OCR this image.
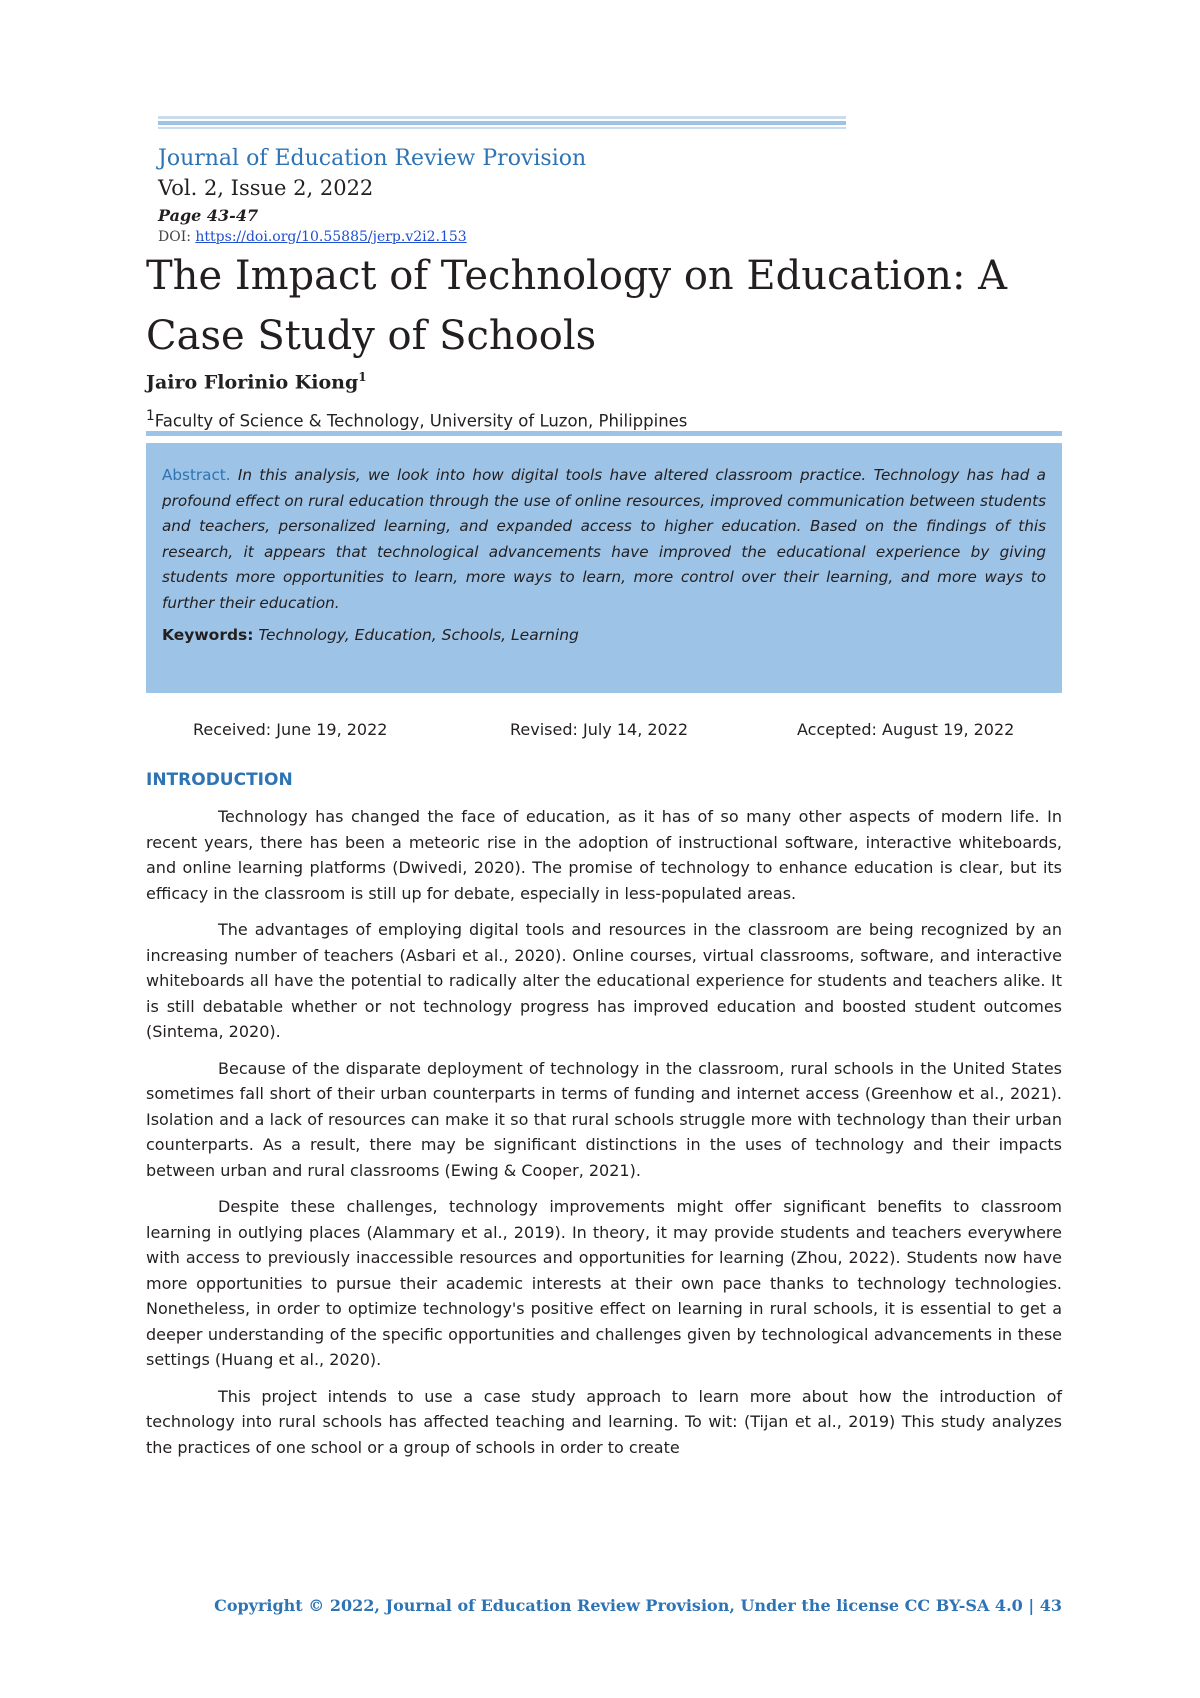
Journal of Education Review Provision
Vol. 2, Issue 2, 2022
Page 43-47
DOI: https://doi.org/10.55885/jerp.v2i2.153
The Impact of Technology on Education: A Case Study of Schools
Jairo Florinio Kiong$^1$
$^1$Faculty of Science & Technology, University of Luzon, Philippines

Abstract. In this analysis, we look into how digital tools have altered classroom practice. Technology has had a profound effect on rural education through the use of online resources, improved communication between students and teachers, personalized learning, and expanded access to higher education. Based on the findings of this research, it appears that technological advancements have improved the educational experience by giving students more opportunities to learn, more ways to learn, more control over their learning, and more ways to further their education.

Keywords: Technology, Education, Schools, Learning

Received: June 19, 2022	Revised: July 14, 2022	Accepted: August 19, 2022
INTRODUCTION

Technology has changed the face of education, as it has of so many other aspects of modern life. In recent years, there has been a meteoric rise in the adoption of instructional software, interactive whiteboards, and online learning platforms (Dwivedi, 2020). The promise of technology to enhance education is clear, but its efficacy in the classroom is still up for debate, especially in less-populated areas.

The advantages of employing digital tools and resources in the classroom are being recognized by an increasing number of teachers (Asbari et al., 2020). Online courses, virtual classrooms, software, and interactive whiteboards all have the potential to radically alter the educational experience for students and teachers alike. It is still debatable whether or not technology progress has improved education and boosted student outcomes (Sintema, 2020).

Because of the disparate deployment of technology in the classroom, rural schools in the United States sometimes fall short of their urban counterparts in terms of funding and internet access (Greenhow et al., 2021). Isolation and a lack of resources can make it so that rural schools struggle more with technology than their urban counterparts. As a result, there may be significant distinctions in the uses of technology and their impacts between urban and rural classrooms (Ewing & Cooper, 2021).

Despite these challenges, technology improvements might offer significant benefits to classroom learning in outlying places (Alammary et al., 2019). In theory, it may provide students and teachers everywhere with access to previously inaccessible resources and opportunities for learning (Zhou, 2022). Students now have more opportunities to pursue their academic interests at their own pace thanks to technology technologies. Nonetheless, in order to optimize technology's positive effect on learning in rural schools, it is essential to get a deeper understanding of the specific opportunities and challenges given by technological advancements in these settings (Huang et al., 2020).

This project intends to use a case study approach to learn more about how the introduction of technology into rural schools has affected teaching and learning. To wit: (Tijan et al., 2019) This study analyzes the practices of one school or a group of schools in order to create

Copyright © 2022, Journal of Education Review Provision, Under the license CC BY-SA 4.0 | 43
